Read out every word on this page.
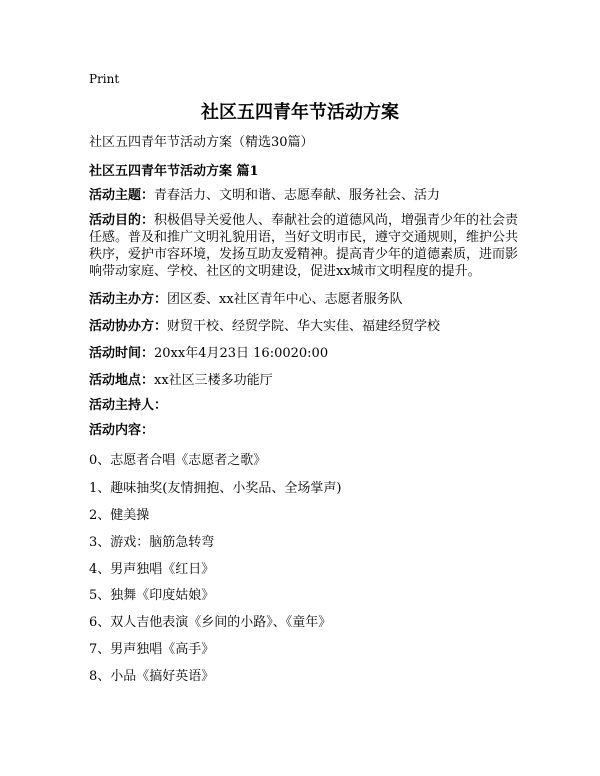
Print
社区五四青年节活动方案
社区五四青年节活动方案（精选30篇）
社区五四青年节活动方案 篇1
活动主题：青春活力、文明和谐、志愿奉献、服务社会、活力
活动目的：积极倡导关爱他人、奉献社会的道德风尚，增强青少年的社会责任感。普及和推广文明礼貌用语，当好文明市民，遵守交通规则，维护公共秩序，爱护市容环境，发扬互助友爱精神。提高青少年的道德素质，进而影响带动家庭、学校、社区的文明建设，促进xx城市文明程度的提升。
活动主办方：团区委、xx社区青年中心、志愿者服务队
活动协办方：财贸干校、经贸学院、华大实佳、福建经贸学校
活动时间：20xx年4月23日 16:0020:00
活动地点：xx社区三楼多功能厅
活动主持人：
活动内容：
0、志愿者合唱《志愿者之歌》
1、趣味抽奖(友情拥抱、小奖品、全场掌声)
2、健美操
3、游戏：脑筋急转弯
4、男声独唱《红日》
5、独舞《印度姑娘》
6、双人吉他表演《乡间的小路》、《童年》
7、男声独唱《高手》
8、小品《搞好英语》
